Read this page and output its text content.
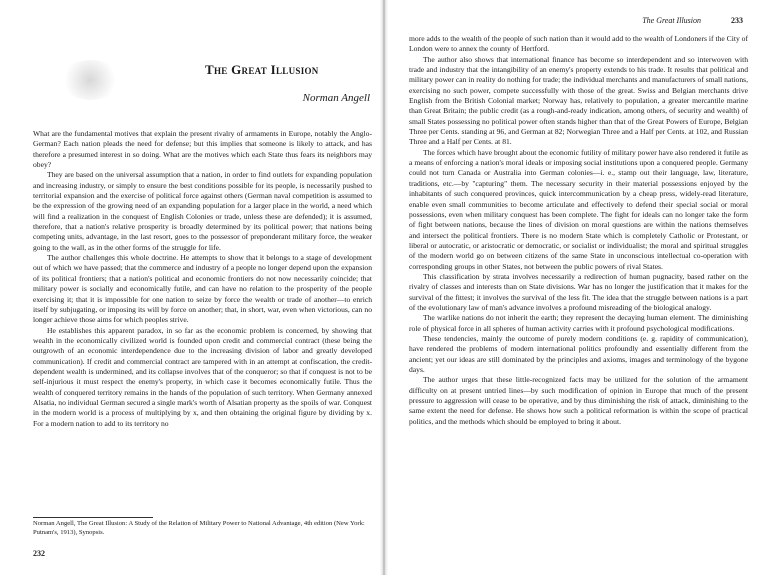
The Great Illusion
Norman Angell

What are the fundamental motives that explain the present rivalry of armaments in Europe, notably the Anglo-German? Each nation pleads the need for defense; but this implies that someone is likely to attack, and has therefore a presumed interest in so doing. What are the motives which each State thus fears its neighbors may obey?

They are based on the universal assumption that a nation, in order to find outlets for expanding population and increasing industry, or simply to ensure the best conditions possible for its people, is necessarily pushed to territorial expansion and the exercise of political force against others (German naval competition is assumed to be the expression of the growing need of an expanding population for a larger place in the world, a need which will find a realization in the conquest of English Colonies or trade, unless these are defended); it is assumed, therefore, that a nation's relative prosperity is broadly determined by its political power; that nations being competing units, advantage, in the last resort, goes to the possessor of preponderant military force, the weaker going to the wall, as in the other forms of the struggle for life.

The author challenges this whole doctrine. He attempts to show that it belongs to a stage of development out of which we have passed; that the commerce and industry of a people no longer depend upon the expansion of its political frontiers; that a nation's political and economic frontiers do not now necessarily coincide; that military power is socially and economically futile, and can have no relation to the prosperity of the people exercising it; that it is impossible for one nation to seize by force the wealth or trade of another—to enrich itself by subjugating, or imposing its will by force on another; that, in short, war, even when victorious, can no longer achieve those aims for which peoples strive.

He establishes this apparent paradox, in so far as the economic problem is concerned, by showing that wealth in the economically civilized world is founded upon credit and commercial contract (these being the outgrowth of an economic interdependence due to the increasing division of labor and greatly developed communication). If credit and commercial contract are tampered with in an attempt at confiscation, the credit-dependent wealth is undermined, and its collapse involves that of the conqueror; so that if conquest is not to be self-injurious it must respect the enemy's property, in which case it becomes economically futile. Thus the wealth of conquered territory remains in the hands of the population of such territory. When Germany annexed Alsatia, no individual German secured a single mark's worth of Alsatian property as the spoils of war. Conquest in the modern world is a process of multiplying by x, and then obtaining the original figure by dividing by x. For a modern nation to add to its territory no

Norman Angell, The Great Illusion: A Study of the Relation of Military Power to National Advantage, 4th edition (New York: Putnam's, 1913), Synopsis.
232
The Great Illusion	233

more adds to the wealth of the people of such nation than it would add to the wealth of Londoners if the City of London were to annex the county of Hertford.

The author also shows that international finance has become so interdependent and so interwoven with trade and industry that the intangibility of an enemy's property extends to his trade. It results that political and military power can in reality do nothing for trade; the individual merchants and manufacturers of small nations, exercising no such power, compete successfully with those of the great. Swiss and Belgian merchants drive English from the British Colonial market; Norway has, relatively to population, a greater mercantile marine than Great Britain; the public credit (as a rough-and-ready indication, among others, of security and wealth) of small States possessing no political power often stands higher than that of the Great Powers of Europe, Belgian Three per Cents. standing at 96, and German at 82; Norwegian Three and a Half per Cents. at 102, and Russian Three and a Half per Cents. at 81.

The forces which have brought about the economic futility of military power have also rendered it futile as a means of enforcing a nation's moral ideals or imposing social institutions upon a conquered people. Germany could not turn Canada or Australia into German colonies—i. e., stamp out their language, law, literature, traditions, etc.—by "capturing" them. The necessary security in their material possessions enjoyed by the inhabitants of such conquered provinces, quick intercommunication by a cheap press, widely-read literature, enable even small communities to become articulate and effectively to defend their special social or moral possessions, even when military conquest has been complete. The fight for ideals can no longer take the form of fight between nations, because the lines of division on moral questions are within the nations themselves and intersect the political frontiers. There is no modern State which is completely Catholic or Protestant, or liberal or autocratic, or aristocratic or democratic, or socialist or individualist; the moral and spiritual struggles of the modern world go on between citizens of the same State in unconscious intellectual co-operation with corresponding groups in other States, not between the public powers of rival States.

This classification by strata involves necessarily a redirection of human pugnacity, based rather on the rivalry of classes and interests than on State divisions. War has no longer the justification that it makes for the survival of the fittest; it involves the survival of the less fit. The idea that the struggle between nations is a part of the evolutionary law of man's advance involves a profound misreading of the biological analogy.

The warlike nations do not inherit the earth; they represent the decaying human element. The diminishing role of physical force in all spheres of human activity carries with it profound psychological modifications.

These tendencies, mainly the outcome of purely modern conditions (e. g. rapidity of communication), have rendered the problems of modern international politics profoundly and essentially different from the ancient; yet our ideas are still dominated by the principles and axioms, images and terminology of the bygone days.

The author urges that these little-recognized facts may be utilized for the solution of the armament difficulty on at present untried lines—by such modification of opinion in Europe that much of the present pressure to aggression will cease to be operative, and by thus diminishing the risk of attack, diminishing to the same extent the need for defense. He shows how such a political reformation is within the scope of practical politics, and the methods which should be employed to bring it about.
